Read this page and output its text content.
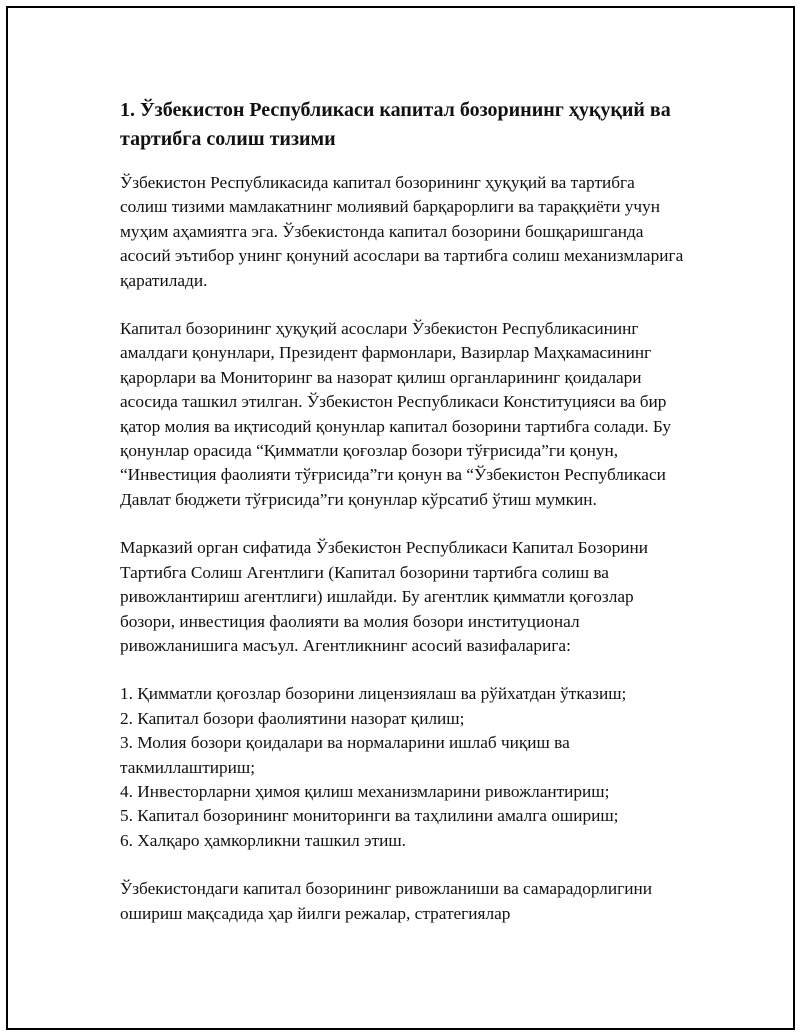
1. Ўзбекистон Республикаси капитал бозорининг ҳуқуқий ва тартибга солиш тизими

Ўзбекистон Республикасида капитал бозорининг ҳуқуқий ва тартибга солиш тизими мамлакатнинг молиявий барқарорлиги ва тараққиёти учун муҳим аҳамиятга эга. Ўзбекистонда капитал бозорини бошқаришганда асосий эътибор унинг қонуний асослари ва тартибга солиш механизмларига қаратилади.

Капитал бозорининг ҳуқуқий асослари Ўзбекистон Республикасининг амалдаги қонунлари, Президент фармонлари, Вазирлар Маҳкамасининг қарорлари ва Мониторинг ва назорат қилиш органларининг қоидалари асосида ташкил этилган. Ўзбекистон Республикаси Конституцияси ва бир қатор молия ва иқтисодий қонунлар капитал бозорини тартибга солади. Бу қонунлар орасида “Қимматли қоғозлар бозори тўғрисида”ги қонун, “Инвестиция фаолияти тўғрисида”ги қонун ва “Ўзбекистон Республикаси Давлат бюджети тўғрисида”ги қонунлар кўрсатиб ўтиш мумкин.

Марказий орган сифатида Ўзбекистон Республикаси Капитал Бозорини Тартибга Солиш Агентлиги (Капитал бозорини тартибга солиш ва ривожлантириш агентлиги) ишлайди. Бу агентлик қимматли қоғозлар бозори, инвестиция фаолияти ва молия бозори институционал ривожланишига масъул. Агентликнинг асосий вазифаларига:

1. Қимматли қоғозлар бозорини лицензиялаш ва рўйхатдан ўтказиш;
2. Капитал бозори фаолиятини назорат қилиш;
3. Молия бозори қоидалари ва нормаларини ишлаб чиқиш ва такмиллаштириш;
4. Инвесторларни ҳимоя қилиш механизмларини ривожлантириш;
5. Капитал бозорининг мониторинги ва таҳлилини амалга ошириш;
6. Халқаро ҳамкорликни ташкил этиш.

Ўзбекистондаги капитал бозорининг ривожланиши ва самарадорлигини ошириш мақсадида ҳар йилги режалар, стратегиялар
